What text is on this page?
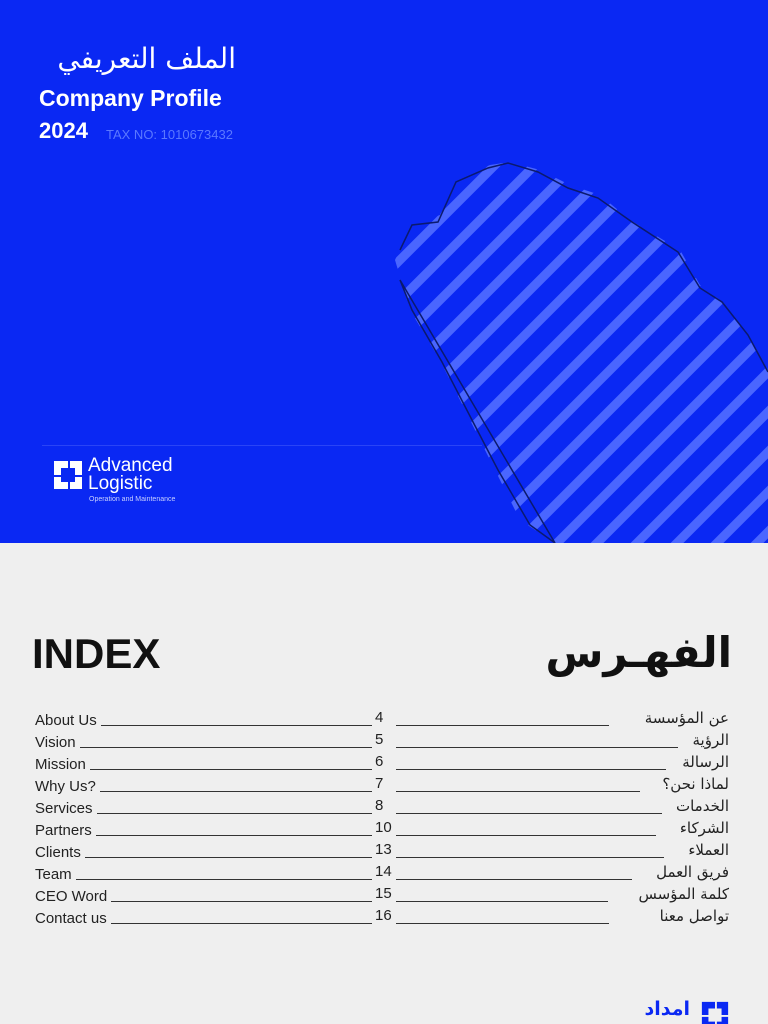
الملف التعريفي
Company Profile
2024 TAX NO: 1010673432
Advanced
Logistic
Operation and Maintenance
INDEX	الفهـرس
About Us	4	عن المؤسسة
Vision	5	الرؤية
Mission	6	الرسالة
Why Us?	7	لماذا نحن؟
Services	8	الخدمات
Partners	10	الشركاء
Clients	13	العملاء
Team	14	فريق العمل
CEO Word	15	كلمة المؤسس
Contact us	16	تواصل معنا
امداد
